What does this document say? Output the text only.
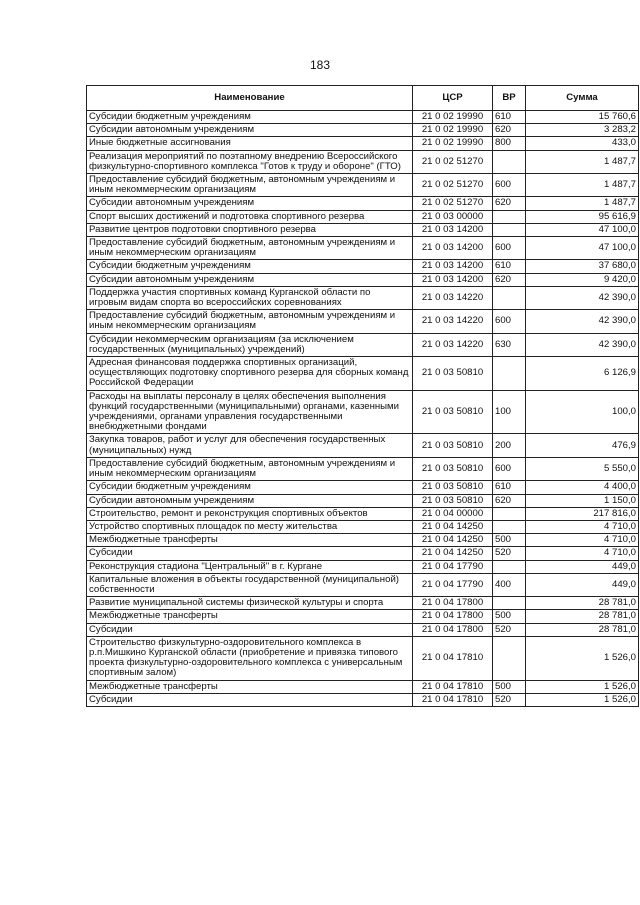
183
Наименование	ЦСР	ВР	Сумма
Субсидии бюджетным учреждениям	21 0 02 19990	610	15 760,6
Субсидии автономным учреждениям	21 0 02 19990	620	3 283,2
Иные бюджетные ассигнования	21 0 02 19990	800	433,0
Реализация мероприятий по поэтапному внедрению Всероссийского физкультурно-спортивного комплекса "Готов к труду и обороне" (ГТО)	21 0 02 51270		1 487,7
Предоставление субсидий бюджетным, автономным учреждениям и иным некоммерческим организациям	21 0 02 51270	600	1 487,7
Субсидии автономным учреждениям	21 0 02 51270	620	1 487,7
Спорт высших достижений и подготовка спортивного резерва	21 0 03 00000		95 616,9
Развитие центров подготовки спортивного резерва	21 0 03 14200		47 100,0
Предоставление субсидий бюджетным, автономным учреждениям и иным некоммерческим организациям	21 0 03 14200	600	47 100,0
Субсидии бюджетным учреждениям	21 0 03 14200	610	37 680,0
Субсидии автономным учреждениям	21 0 03 14200	620	9 420,0
Поддержка участия спортивных команд Курганской области по игровым видам спорта во всероссийских соревнованиях	21 0 03 14220		42 390,0
Предоставление субсидий бюджетным, автономным учреждениям и иным некоммерческим организациям	21 0 03 14220	600	42 390,0
Субсидии некоммерческим организациям (за исключением государственных (муниципальных) учреждений)	21 0 03 14220	630	42 390,0
Адресная финансовая поддержка спортивных организаций, осуществляющих подготовку спортивного резерва для сборных команд Российской Федерации	21 0 03 50810		6 126,9
Расходы на выплаты персоналу в целях обеспечения выполнения функций государственными (муниципальными) органами, казенными учреждениями, органами управления государственными внебюджетными фондами	21 0 03 50810	100	100,0
Закупка товаров, работ и услуг для обеспечения государственных (муниципальных) нужд	21 0 03 50810	200	476,9
Предоставление субсидий бюджетным, автономным учреждениям и иным некоммерческим организациям	21 0 03 50810	600	5 550,0
Субсидии бюджетным учреждениям	21 0 03 50810	610	4 400,0
Субсидии автономным учреждениям	21 0 03 50810	620	1 150,0
Строительство, ремонт и реконструкция спортивных объектов	21 0 04 00000		217 816,0
Устройство спортивных площадок по месту жительства	21 0 04 14250		4 710,0
Межбюджетные трансферты	21 0 04 14250	500	4 710,0
Субсидии	21 0 04 14250	520	4 710,0
Реконструкция стадиона "Центральный" в г. Кургане	21 0 04 17790		449,0
Капитальные вложения в объекты государственной (муниципальной) собственности	21 0 04 17790	400	449,0
Развитие муниципальной системы физической культуры и спорта	21 0 04 17800		28 781,0
Межбюджетные трансферты	21 0 04 17800	500	28 781,0
Субсидии	21 0 04 17800	520	28 781,0
Строительство физкультурно-оздоровительного комплекса в р.п.Мишкино Курганской области (приобретение и привязка типового проекта физкультурно-оздоровительного комплекса с универсальным спортивным залом)	21 0 04 17810		1 526,0
Межбюджетные трансферты	21 0 04 17810	500	1 526,0
Субсидии	21 0 04 17810	520	1 526,0
